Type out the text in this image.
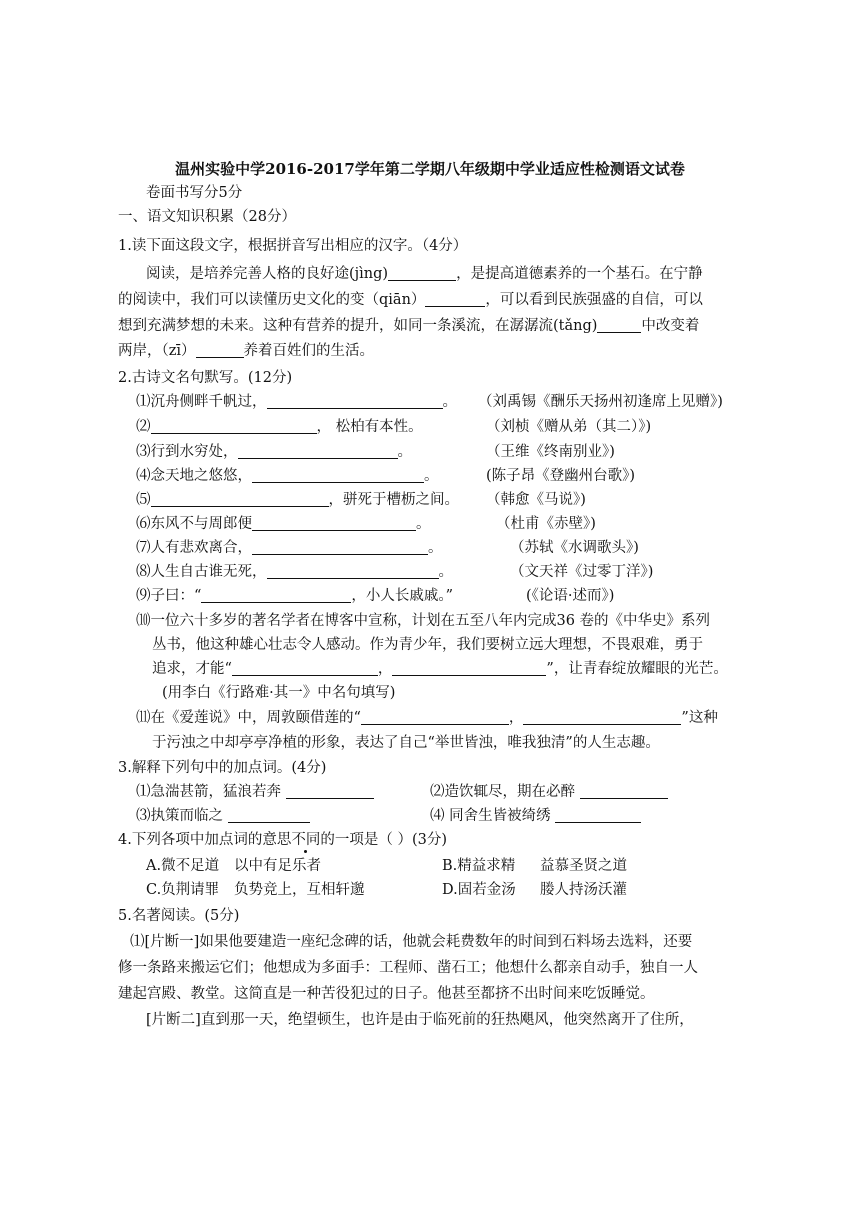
温州实验中学2016-2017学年第二学期八年级期中学业适应性检测语文试卷
卷面书写分5分
一、语文知识积累（28分）
1.读下面这段文字，根据拼音写出相应的汉字。（4分）
阅读，是培养完善人格的良好途(jìng)	，是提高道德素养的一个基石。在宁静
的阅读中，我们可以读懂历史文化的变（qiān）	，可以看到民族强盛的自信，可以
想到充满梦想的未来。这种有营养的提升，如同一条溪流，在潺潺流(tǎng)	中改变着
两岸，（zī）	养着百姓们的生活。
2.古诗文名句默写。(12分)
⑴沉舟侧畔千帆过，	。 （刘禹锡《酬乐天扬州初逢席上见赠》)
⑵	， 松柏有本性。	（刘桢《赠从弟（其二）》)
⑶行到水穷处，	。	（王维《终南别业》)
⑷念天地之悠悠，	。	(陈子昂《登幽州台歌》)
⑸	，骈死于槽枥之间。 （韩愈《马说》)
⑹东风不与周郎便	。	（杜甫《赤壁》)
⑺人有悲欢离合，	。	（苏轼《水调歌头》)
⑻人生自古谁无死，	。	（文天祥《过零丁洋》)
⑼子曰：“	，小人长戚戚。”	(《论语·述而》)
⑽一位六十多岁的著名学者在博客中宣称，计划在五至八年内完成36 卷的《中华史》系列
丛书，他这种雄心壮志令人感动。作为青少年，我们要树立远大理想，不畏艰难，勇于
追求，才能“	，	”，让青春绽放耀眼的光芒。
(用李白《行路难·其一》中名句填写)
⑾在《爱莲说》中，周敦颐借莲的“	，	”这种
于污浊之中却亭亭净植的形象，表达了自己“举世皆浊，唯我独清”的人生志趣。
3.解释下列句中的加点词。(4分)
⑴急湍甚箭，猛浪若奔	⑵造饮辄尽，期在必醉
⑶执策而临之	⑷ 同舍生皆被绮绣
4.下列各项中加点词的意思不同的一项是（ ）(3分)
A.微不足道 以中有足乐者	B.精益求精 益慕圣贤之道
C.负荆请罪 负势竞上，互相轩邈	D.固若金汤 媵人持汤沃灌
5.名著阅读。(5分)
⑴[片断一]如果他要建造一座纪念碑的话，他就会耗费数年的时间到石料场去选料，还要
修一条路来搬运它们；他想成为多面手：工程师、凿石工；他想什么都亲自动手，独自一人
建起宫殿、教堂。这简直是一种苦役犯过的日子。他甚至都挤不出时间来吃饭睡觉。
[片断二]直到那一天，绝望顿生，也许是由于临死前的狂热飓风，他突然离开了住所，
